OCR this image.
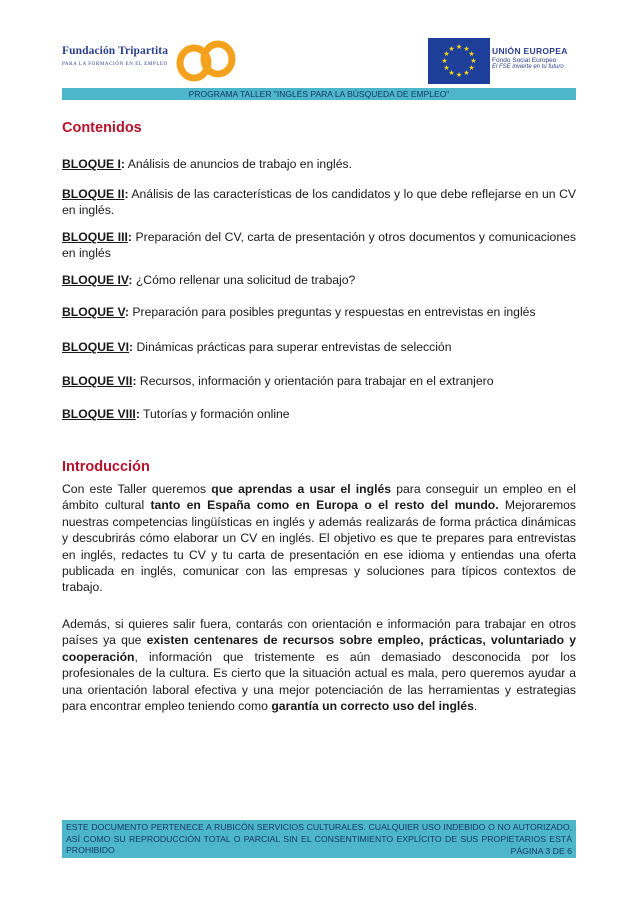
Fundación Tripartita
PARA LA FORMACIÓN EN EL EMPLEO
★ ★
★
★
★
★
★
★
★
★
★
★	UNIÓN EUROPEA
Fondo Social Europeo
El FSE invierte en tu futuro
PROGRAMA TALLER "INGLÉS PARA LA BÚSQUEDA DE EMPLEO"
Contenidos
BLOQUE I: Análisis de anuncios de trabajo en inglés.
BLOQUE II: Análisis de las características de los candidatos y lo que debe reflejarse en un CV en inglés.
BLOQUE III: Preparación del CV, carta de presentación y otros documentos y comunicaciones en inglés
BLOQUE IV: ¿Cómo rellenar una solicitud de trabajo?
BLOQUE V: Preparación para posibles preguntas y respuestas en entrevistas en inglés
BLOQUE VI: Dinámicas prácticas para superar entrevistas de selección
BLOQUE VII: Recursos, información y orientación para trabajar en el extranjero
BLOQUE VIII: Tutorías y formación online
Introducción
Con este Taller queremos que aprendas a usar el inglés para conseguir un empleo en el ámbito cultural tanto en España como en Europa o el resto del mundo. Mejoraremos nuestras competencias lingüísticas en inglés y además realizarás de forma práctica dinámicas y descubrirás cómo elaborar un CV en inglés. El objetivo es que te prepares para entrevistas en inglés, redactes tu CV y tu carta de presentación en ese idioma y entiendas una oferta publicada en inglés, comunicar con las empresas y soluciones para típicos contextos de trabajo.
Además, si quieres salir fuera, contarás con orientación e información para trabajar en otros países ya que existen centenares de recursos sobre empleo, prácticas, voluntariado y cooperación, información que tristemente es aún demasiado desconocida por los profesionales de la cultura. Es cierto que la situación actual es mala, pero queremos ayudar a una orientación laboral efectiva y una mejor potenciación de las herramientas y estrategias para encontrar empleo teniendo como garantía un correcto uso del inglés.
ESTE DOCUMENTO PERTENECE A RUBICÓN SERVICIOS CULTURALES. CUALQUIER USO INDEBIDO O NO AUTORIZADO, ASÍ COMO SU REPRODUCCIÓN TOTAL O PARCIAL SIN EL CONSENTIMIENTO EXPLÍCITO DE SUS PROPIETARIOS ESTÁ PROHIBIDO	PÁGINA 3 DE 6
